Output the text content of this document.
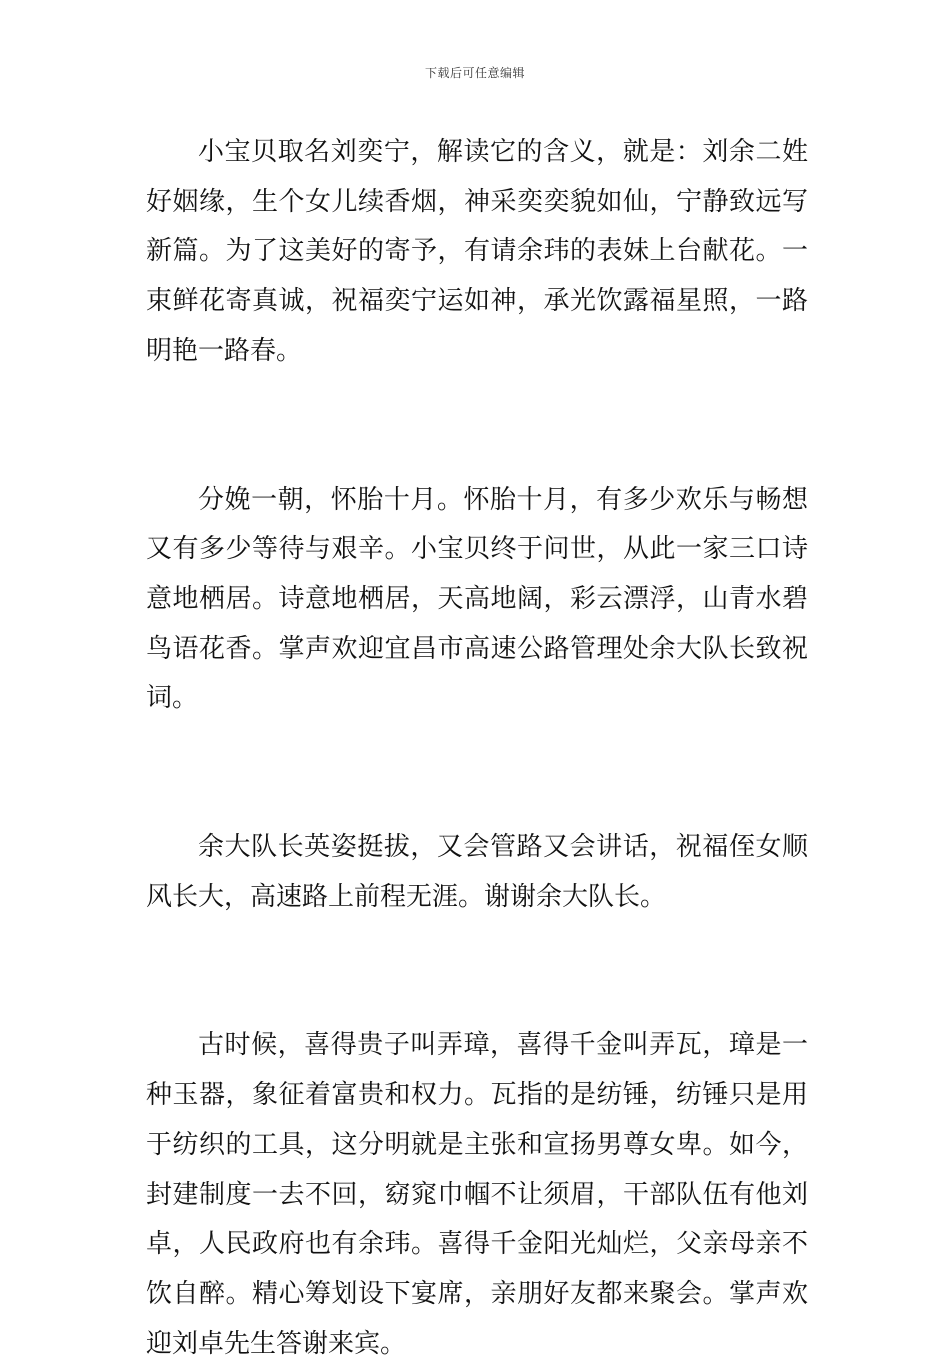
下载后可任意编辑

小宝贝取名刘奕宁，解读它的含义，就是：刘余二姓好姻缘，生个女儿续香烟，神采奕奕貌如仙，宁静致远写新篇。为了这美好的寄予，有请余玮的表妹上台献花。一束鲜花寄真诚，祝福奕宁运如神，承光饮露福星照，一路明艳一路春。

分娩一朝，怀胎十月。怀胎十月，有多少欢乐与畅想又有多少等待与艰辛。小宝贝终于问世，从此一家三口诗意地栖居。诗意地栖居，天高地阔，彩云漂浮，山青水碧鸟语花香。掌声欢迎宜昌市高速公路管理处余大队长致祝词。

余大队长英姿挺拔，又会管路又会讲话，祝福侄女顺风长大，高速路上前程无涯。谢谢余大队长。

古时候，喜得贵子叫弄璋，喜得千金叫弄瓦，璋是一种玉器，象征着富贵和权力。瓦指的是纺锤，纺锤只是用于纺织的工具，这分明就是主张和宣扬男尊女卑。如今，封建制度一去不回，窈窕巾帼不让须眉，干部队伍有他刘卓，人民政府也有余玮。喜得千金阳光灿烂，父亲母亲不饮自醉。精心筹划设下宴席，亲朋好友都来聚会。掌声欢迎刘卓先生答谢来宾。
